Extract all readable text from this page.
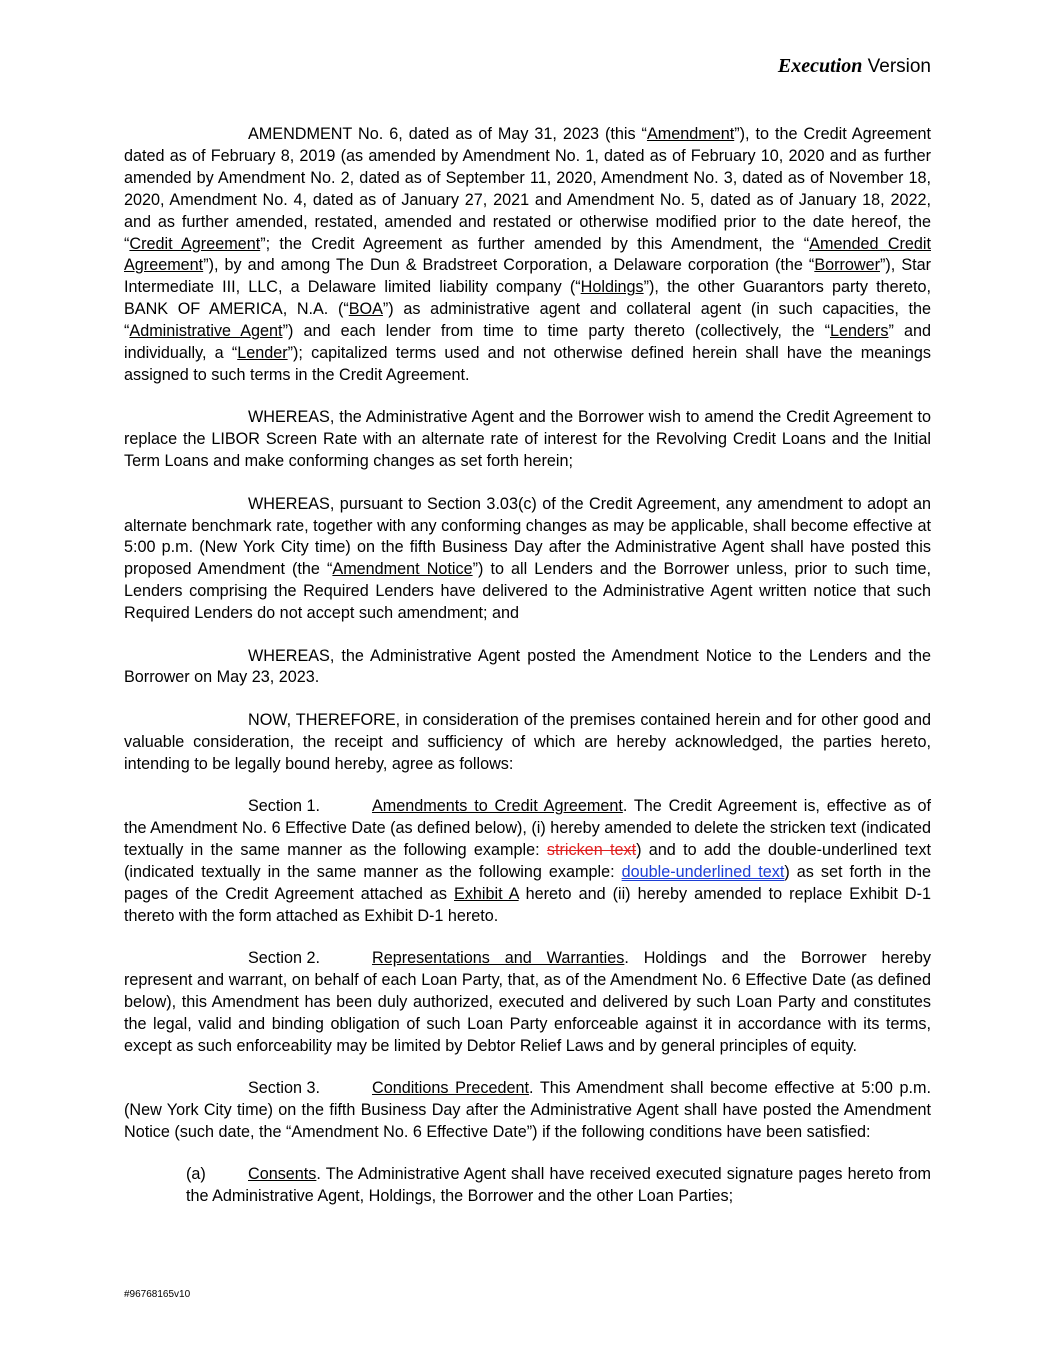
Execution Version

AMENDMENT No. 6, dated as of May 31, 2023 (this “Amendment”), to the Credit Agreement dated as of February 8, 2019 (as amended by Amendment No. 1, dated as of February 10, 2020 and as further amended by Amendment No. 2, dated as of September 11, 2020, Amendment No. 3, dated as of November 18, 2020, Amendment No. 4, dated as of January 27, 2021 and Amendment No. 5, dated as of January 18, 2022, and as further amended, restated, amended and restated or otherwise modified prior to the date hereof, the “Credit Agreement”; the Credit Agreement as further amended by this Amendment, the “Amended Credit Agreement”), by and among The Dun & Bradstreet Corporation, a Delaware corporation (the “Borrower”), Star Intermediate III, LLC, a Delaware limited liability company (“Holdings”), the other Guarantors party thereto, BANK OF AMERICA, N.A. (“BOA”) as administrative agent and collateral agent (in such capacities, the “Administrative Agent”) and each lender from time to time party thereto (collectively, the “Lenders” and individually, a “Lender”); capitalized terms used and not otherwise defined herein shall have the meanings assigned to such terms in the Credit Agreement.

WHEREAS, the Administrative Agent and the Borrower wish to amend the Credit Agreement to replace the LIBOR Screen Rate with an alternate rate of interest for the Revolving Credit Loans and the Initial Term Loans and make conforming changes as set forth herein;

WHEREAS, pursuant to Section 3.03(c) of the Credit Agreement, any amendment to adopt an alternate benchmark rate, together with any conforming changes as may be applicable, shall become effective at 5:00 p.m. (New York City time) on the fifth Business Day after the Administrative Agent shall have posted this proposed Amendment (the “Amendment Notice”) to all Lenders and the Borrower unless, prior to such time, Lenders comprising the Required Lenders have delivered to the Administrative Agent written notice that such Required Lenders do not accept such amendment; and

WHEREAS, the Administrative Agent posted the Amendment Notice to the Lenders and the Borrower on May 23, 2023.

NOW, THEREFORE, in consideration of the premises contained herein and for other good and valuable consideration, the receipt and sufficiency of which are hereby acknowledged, the parties hereto, intending to be legally bound hereby, agree as follows:

Section 1.	Amendments to Credit Agreement. The Credit Agreement is, effective as of the Amendment No. 6 Effective Date (as defined below), (i) hereby amended to delete the stricken text (indicated textually in the same manner as the following example: stricken text) and to add the double-underlined text (indicated textually in the same manner as the following example: double-underlined text) as set forth in the pages of the Credit Agreement attached as Exhibit A hereto and (ii) hereby amended to replace Exhibit D-1 thereto with the form attached as Exhibit D-1 hereto.

Section 2.	Representations and Warranties. Holdings and the Borrower hereby represent and warrant, on behalf of each Loan Party, that, as of the Amendment No. 6 Effective Date (as defined below), this Amendment has been duly authorized, executed and delivered by such Loan Party and constitutes the legal, valid and binding obligation of such Loan Party enforceable against it in accordance with its terms, except as such enforceability may be limited by Debtor Relief Laws and by general principles of equity.

Section 3.	Conditions Precedent. This Amendment shall become effective at 5:00 p.m. (New York City time) on the fifth Business Day after the Administrative Agent shall have posted the Amendment Notice (such date, the “Amendment No. 6 Effective Date”) if the following conditions have been satisfied:

(a)	Consents. The Administrative Agent shall have received executed signature pages hereto from the Administrative Agent, Holdings, the Borrower and the other Loan Parties;

#96768165v10
